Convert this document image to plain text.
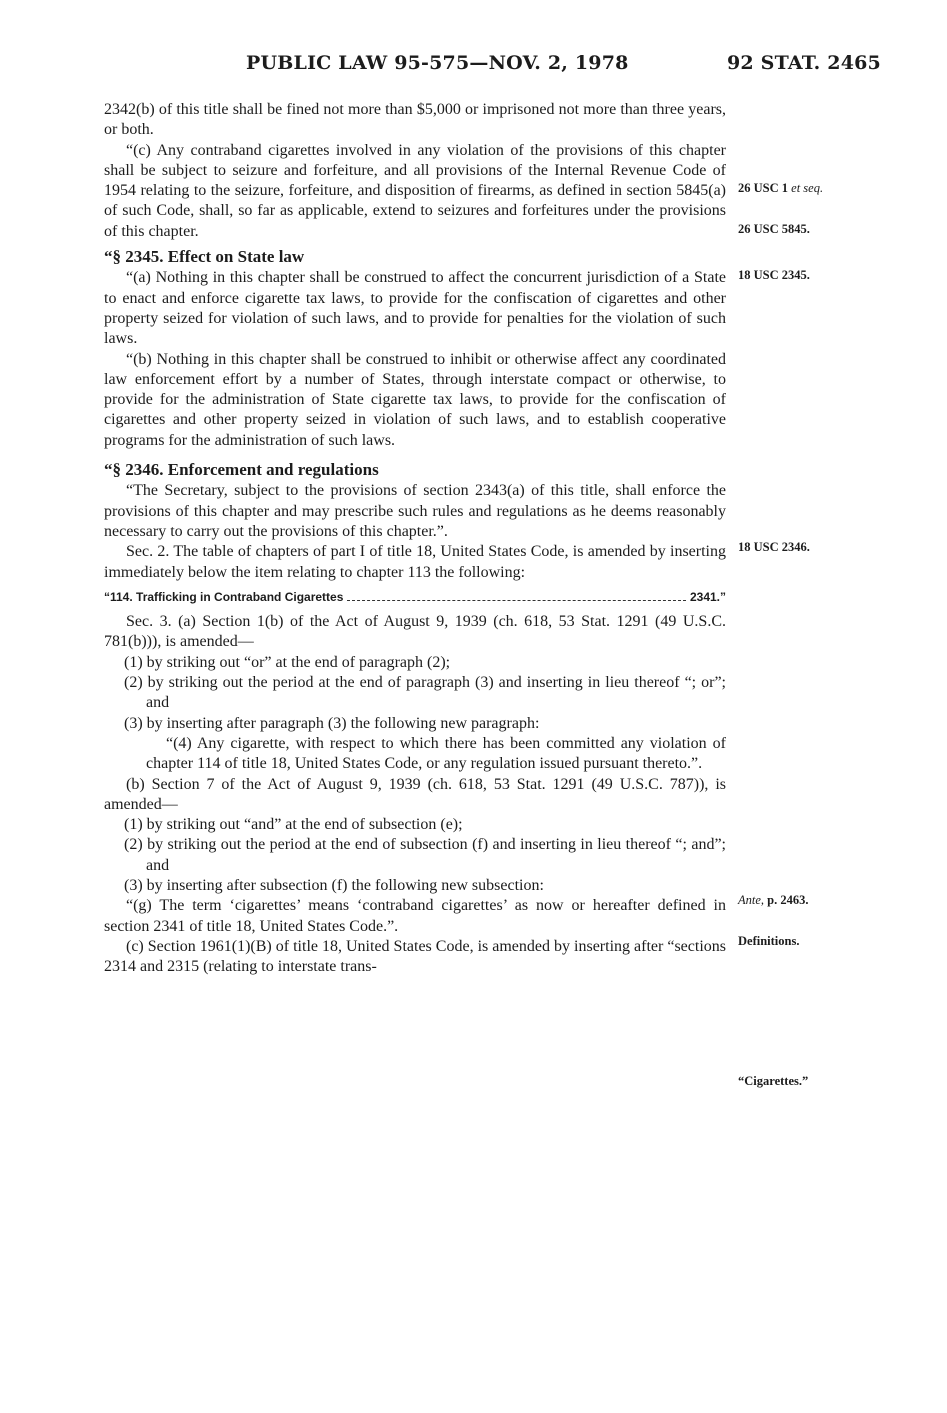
PUBLIC LAW 95-575—NOV. 2, 1978	92 STAT. 2465

2342(b) of this title shall be fined not more than $5,000 or imprisoned not more than three years, or both.

“(c) Any contraband cigarettes involved in any violation of the provisions of this chapter shall be subject to seizure and forfeiture, and all provisions of the Internal Revenue Code of 1954 relating to the seizure, forfeiture, and disposition of firearms, as defined in section 5845(a) of such Code, shall, so far as applicable, extend to seizures and forfeitures under the provisions of this chapter.

“§ 2345. Effect on State law

“(a) Nothing in this chapter shall be construed to affect the concurrent jurisdiction of a State to enact and enforce cigarette tax laws, to provide for the confiscation of cigarettes and other property seized for violation of such laws, and to provide for penalties for the violation of such laws.

“(b) Nothing in this chapter shall be construed to inhibit or otherwise affect any coordinated law enforcement effort by a number of States, through interstate compact or otherwise, to provide for the administration of State cigarette tax laws, to provide for the confiscation of cigarettes and other property seized in violation of such laws, and to establish cooperative programs for the administration of such laws.

“§ 2346. Enforcement and regulations

“The Secretary, subject to the provisions of section 2343(a) of this title, shall enforce the provisions of this chapter and may prescribe such rules and regulations as he deems reasonably necessary to carry out the provisions of this chapter.”.

Sec. 2. The table of chapters of part I of title 18, United States Code, is amended by inserting immediately below the item relating to chapter 113 the following:

“114. Trafficking in Contraband Cigarettes	2341.”

Sec. 3. (a) Section 1(b) of the Act of August 9, 1939 (ch. 618, 53 Stat. 1291 (49 U.S.C. 781(b))), is amended—

(1) by striking out “or” at the end of paragraph (2);

(2) by striking out the period at the end of paragraph (3) and inserting in lieu thereof “; or”; and

(3) by inserting after paragraph (3) the following new paragraph:

“(4) Any cigarette, with respect to which there has been committed any violation of chapter 114 of title 18, United States Code, or any regulation issued pursuant thereto.”.

(b) Section 7 of the Act of August 9, 1939 (ch. 618, 53 Stat. 1291 (49 U.S.C. 787)), is amended—

(1) by striking out “and” at the end of subsection (e);

(2) by striking out the period at the end of subsection (f) and inserting in lieu thereof “; and”; and

(3) by inserting after subsection (f) the following new subsection:

“(g) The term ‘cigarettes’ means ‘contraband cigarettes’ as now or hereafter defined in section 2341 of title 18, United States Code.”.

(c) Section 1961(1)(B) of title 18, United States Code, is amended by inserting after “sections 2314 and 2315 (relating to interstate trans-

26 USC 1 et seq.
26 USC 5845.
18 USC 2345.
18 USC 2346.
Ante, p. 2463.
Definitions.
“Cigarettes.”
